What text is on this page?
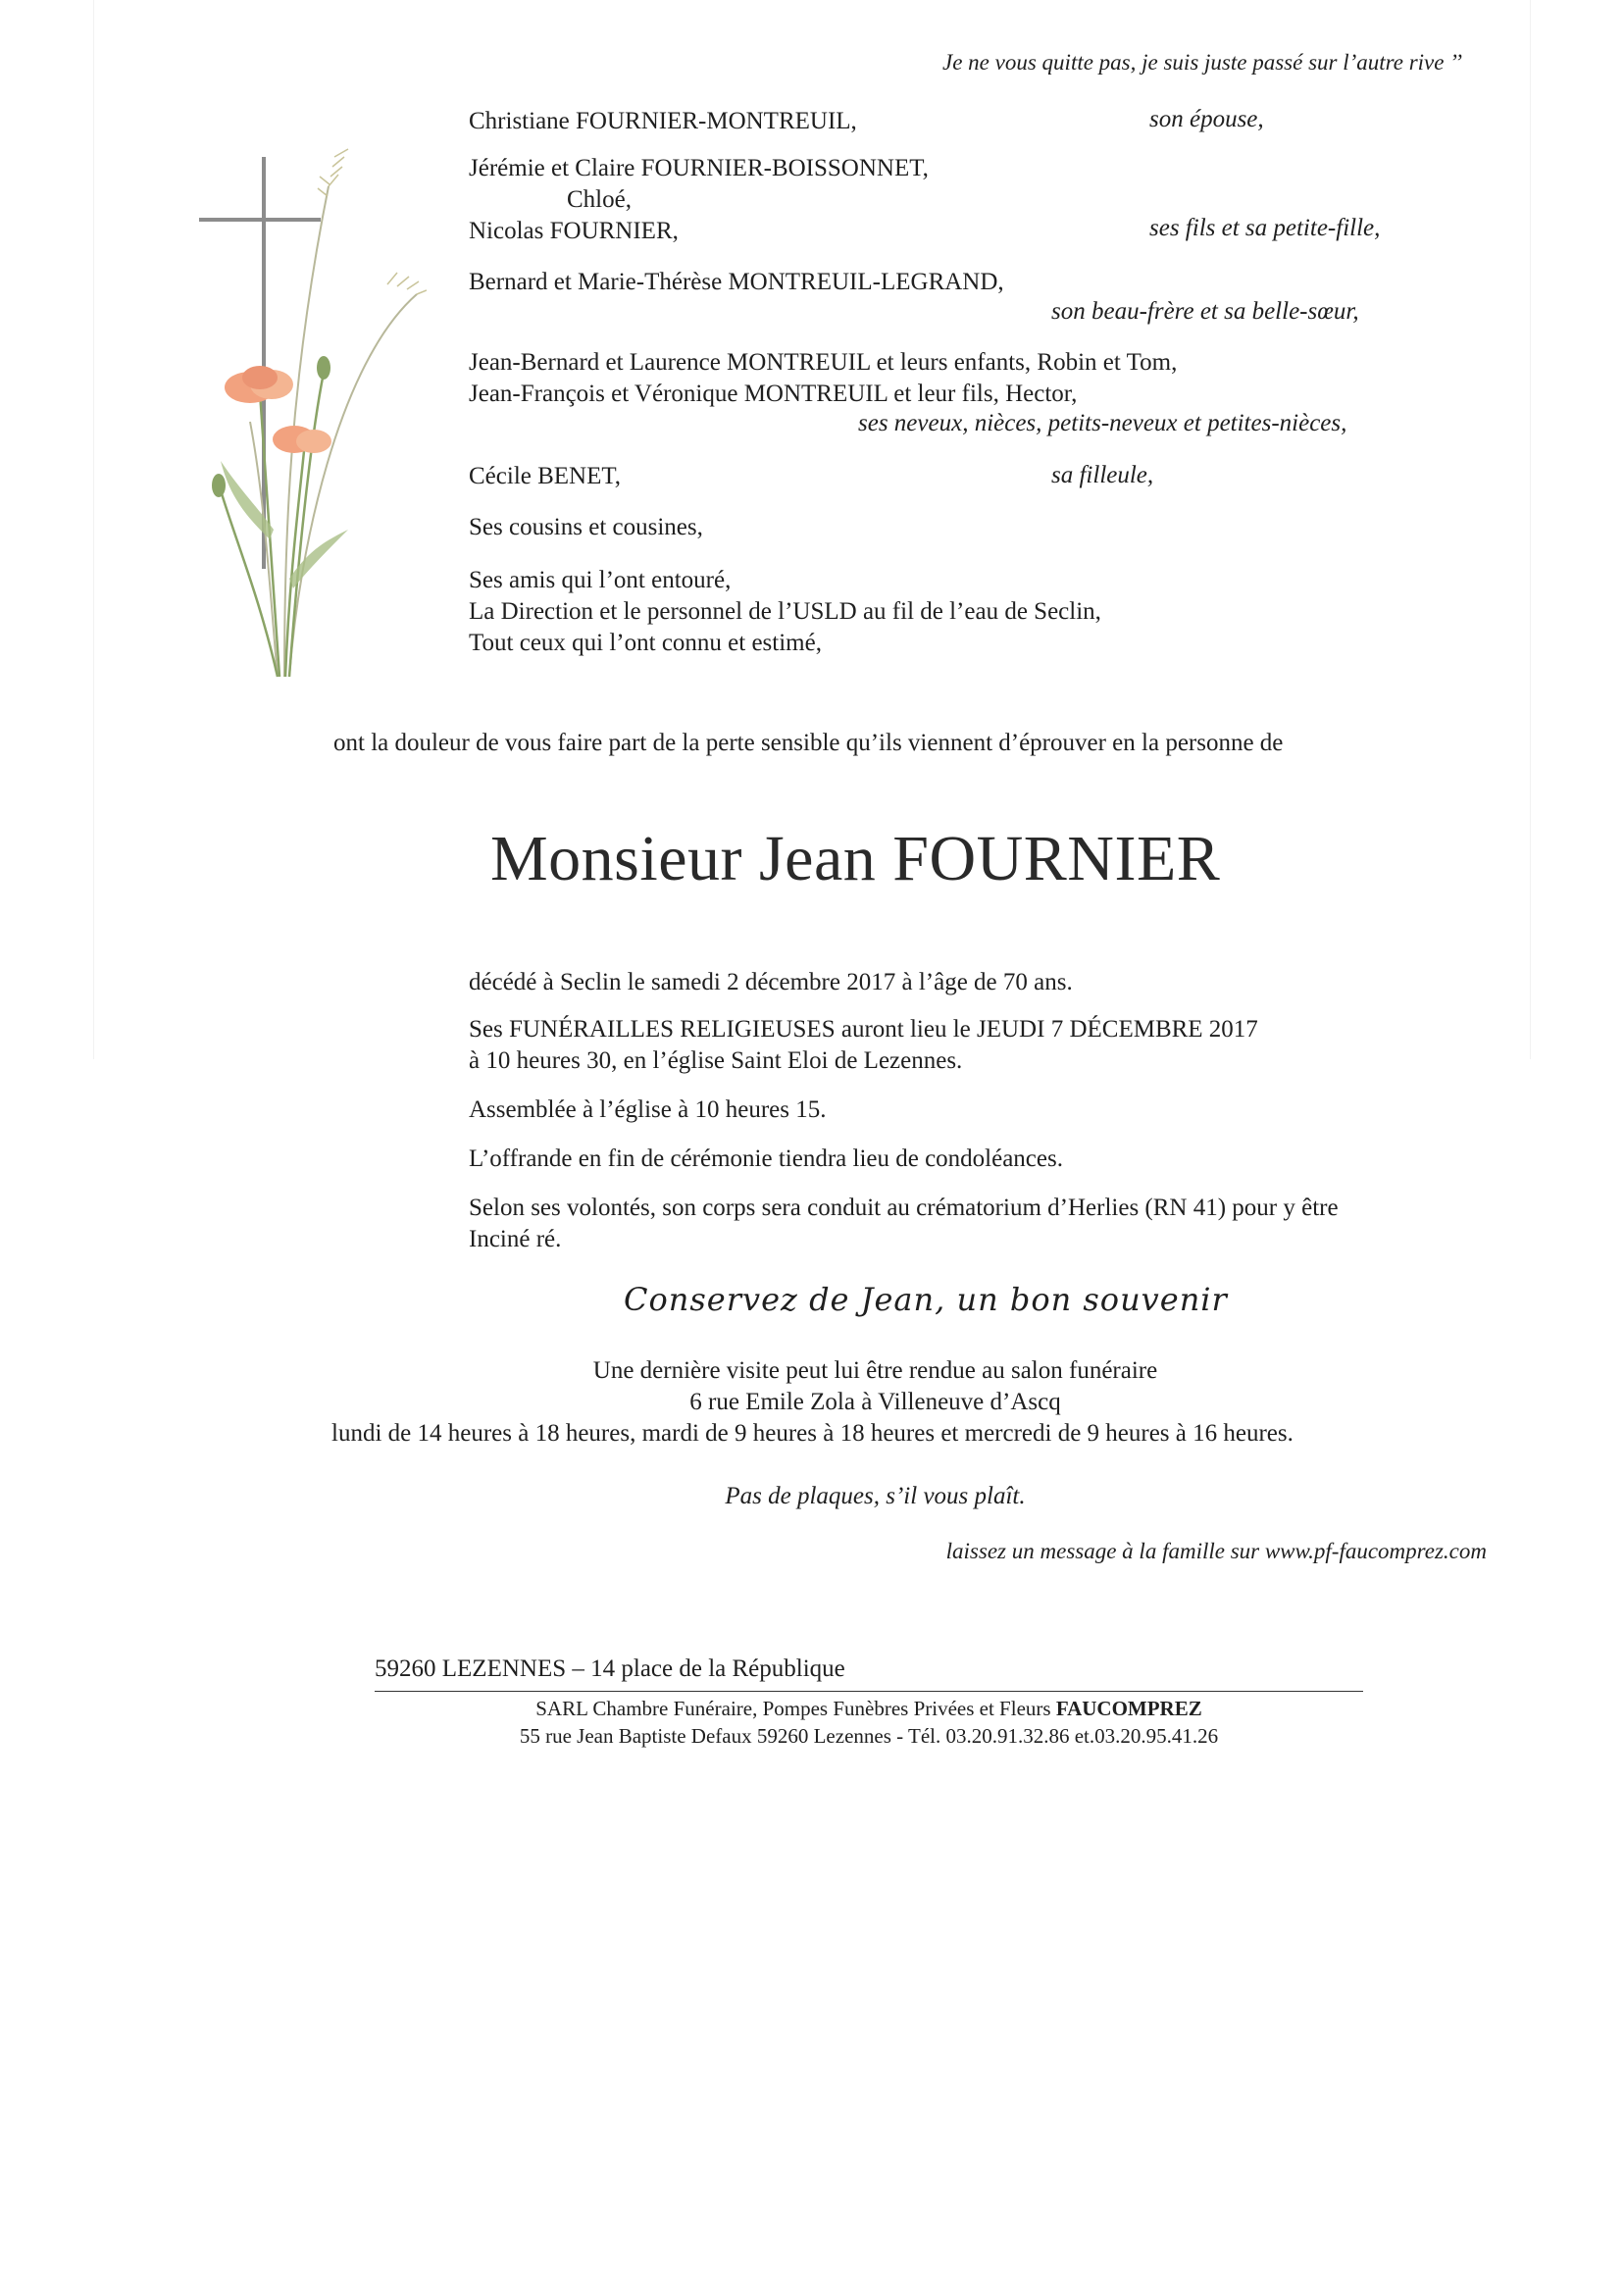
Je ne vous quitte pas, je suis juste passé sur l’autre rive ’’
Christiane FOURNIER-MONTREUIL,	son épouse,
Jérémie et Claire FOURNIER-BOISSONNET,
Chloé,
Nicolas FOURNIER,	ses fils et sa petite-fille,
Bernard et Marie-Thérèse MONTREUIL-LEGRAND,
son beau-frère et sa belle-sœur,
Jean-Bernard et Laurence MONTREUIL et leurs enfants, Robin et Tom,
Jean-François et Véronique MONTREUIL et leur fils, Hector,
ses neveux, nièces, petits-neveux et petites-nièces,
Cécile BENET,	sa filleule,
Ses cousins et cousines,
Ses amis qui l’ont entouré,
La Direction et le personnel de l’USLD au fil de l’eau de Seclin,
Tout ceux qui l’ont connu et estimé,
ont la douleur de vous faire part de la perte sensible qu’ils viennent d’éprouver en la personne de
Monsieur Jean FOURNIER
décédé à Seclin le samedi 2 décembre 2017 à l’âge de 70 ans.
Ses FUNÉRAILLES RELIGIEUSES auront lieu le JEUDI 7 DÉCEMBRE 2017
à 10 heures 30, en l’église Saint Eloi de Lezennes.
Assemblée à l’église à 10 heures 15.
L’offrande en fin de cérémonie tiendra lieu de condoléances.
Selon ses volontés, son corps sera conduit au crématorium d’Herlies (RN 41) pour y être
Inciné ré.
Conservez de Jean, un bon souvenir
Une dernière visite peut lui être rendue au salon funéraire
6 rue Emile Zola à Villeneuve d’Ascq
lundi de 14 heures à 18 heures, mardi de 9 heures à 18 heures et mercredi de 9 heures à 16 heures.
Pas de plaques, s’il vous plaît.
laissez un message à la famille sur www.pf-faucomprez.com
59260 LEZENNES – 14 place de la République
SARL Chambre Funéraire, Pompes Funèbres Privées et Fleurs FAUCOMPREZ
55 rue Jean Baptiste Defaux 59260 Lezennes - Tél. 03.20.91.32.86 et.03.20.95.41.26
